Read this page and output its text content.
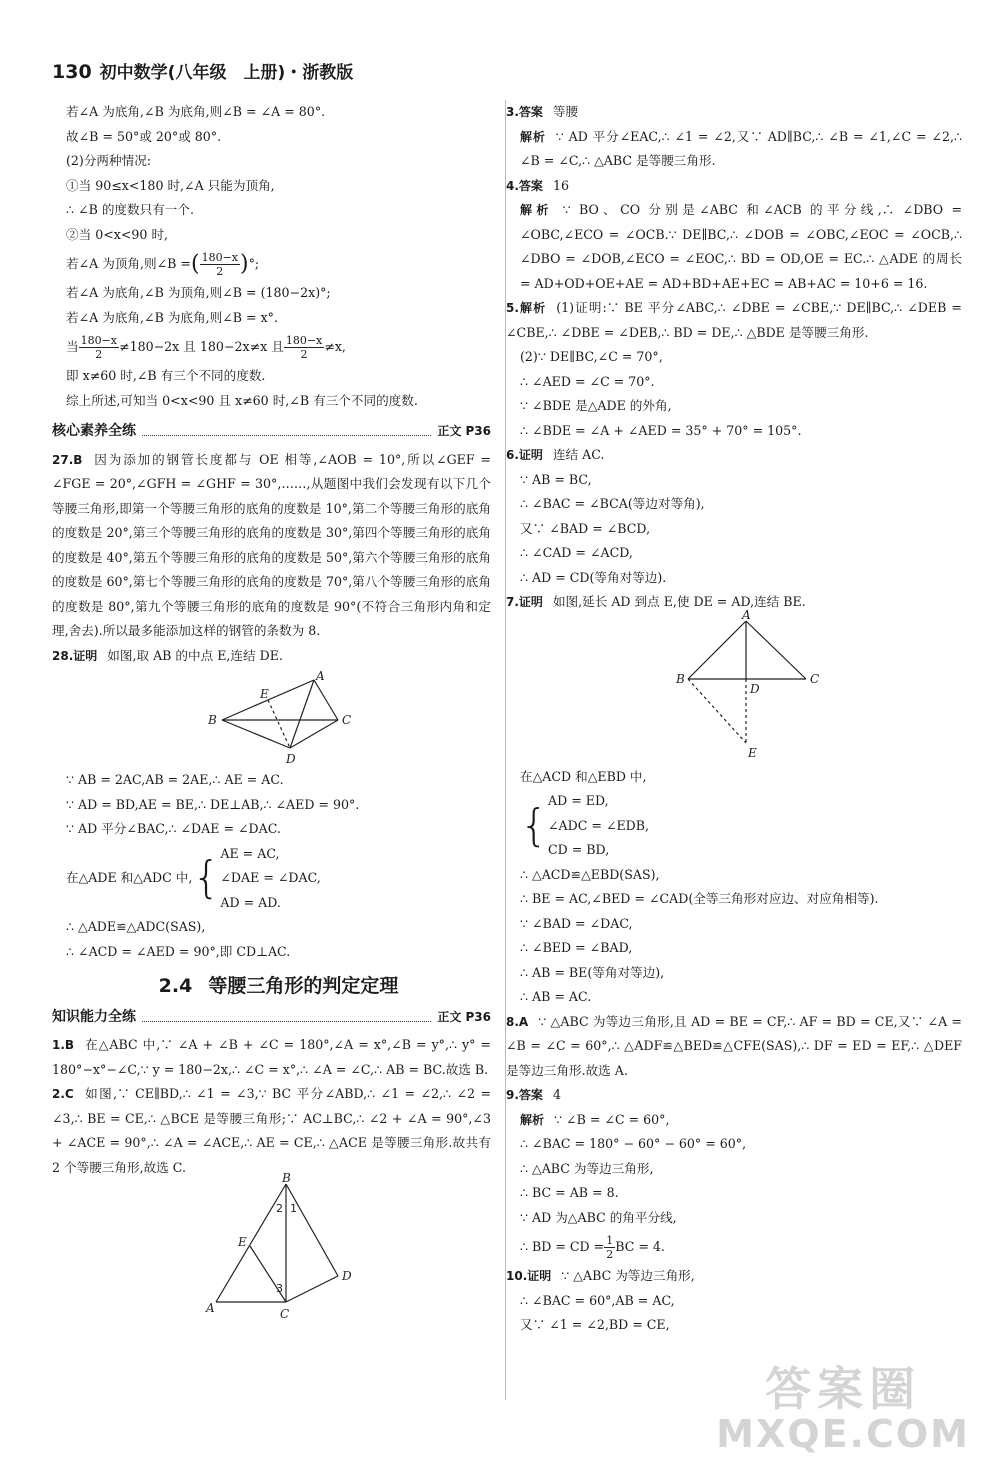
130 初中数学(八年级　上册)・浙教版
若∠A 为底角,∠B 为底角,则∠B = ∠A = 80°.
故∠B = 50°或 20°或 80°.
(2)分两种情况:
①当 90≤x<180 时,∠A 只能为顶角,
∴ ∠B 的度数只有一个.
②当 0<x<90 时,
若∠A 为顶角,则∠B =( $\frac{180-x}{2}$ )°;
若∠A 为底角,∠B 为顶角,则∠B = (180−2x)°;
若∠A 为底角,∠B 为底角,则∠B = x°.
当 $\frac{180-x}{2} \ne 180-2x$ 且 180−2x≠x 且 $\frac{180-x}{2} \ne x$,
即 x≠60 时,∠B 有三个不同的度数.
综上所述,可知当 0<x<90 且 x≠60 时,∠B 有三个不同的度数.
核心素养全练	正文 P36
27.B 因为添加的钢管长度都与 OE 相等,∠AOB = 10°,所以∠GEF = ∠FGE = 20°,∠GFH = ∠GHF = 30°,……,从题图中我们会发现有以下几个等腰三角形,即第一个等腰三角形的底角的度数是 10°,第二个等腰三角形的底角的度数是 20°,第三个等腰三角形的底角的度数是 30°,第四个等腰三角形的底角的度数是 40°,第五个等腰三角形的底角的度数是 50°,第六个等腰三角形的底角的度数是 60°,第七个等腰三角形的底角的度数是 70°,第八个等腰三角形的底角的度数是 80°,第九个等腰三角形的底角的度数是 90°(不符合三角形内角和定理,舍去).所以最多能添加这样的钢管的条数为 8.
28.证明 如图,取 AB 的中点 E,连结 DE.
A
B	C
D
E
∵ AB = 2AC,AB = 2AE,∴ AE = AC.
∵ AD = BD,AE = BE,∴ DE⊥AB,∴ ∠AED = 90°.
∵ AD 平分∠BAC,∴ ∠DAE = ∠DAC.
在△ADE 和△ADC 中, { AE = AC,
∠DAE = ∠DAC,
AD = AD.
∴ △ADE≌△ADC(SAS),
∴ ∠ACD = ∠AED = 90°,即 CD⊥AC.
2.4 等腰三角形的判定定理
知识能力全练	正文 P36
1.B 在△ABC 中,∵ ∠A + ∠B + ∠C = 180°,∠A = x°,∠B = y°,∴ y° = 180°−x°−∠C,∵ y = 180−2x,∴ ∠C = x°,∴ ∠A = ∠C,∴ AB = BC.故选 B.
2.C 如图,∵ CE∥BD,∴ ∠1 = ∠3,∵ BC 平分∠ABD,∴ ∠1 = ∠2,∴ ∠2 = ∠3,∴ BE = CE,∴ △BCE 是等腰三角形;∵ AC⊥BC,∴ ∠2 + ∠A = 90°,∠3 + ∠ACE = 90°,∴ ∠A = ∠ACE,∴ AE = CE,∴ △ACE 是等腰三角形.故共有 2 个等腰三角形,故选 C.
A
B
C
D
E
1
2
3
3.答案 等腰
解析 ∵ AD 平分∠EAC,∴ ∠1 = ∠2,又∵ AD∥BC,∴ ∠B = ∠1,∠C = ∠2,∴ ∠B = ∠C,∴ △ABC 是等腰三角形.
4.答案 16
解析 ∵ BO、CO 分别是∠ABC 和∠ACB 的平分线,∴ ∠DBO = ∠OBC,∠ECO = ∠OCB.∵ DE∥BC,∴ ∠DOB = ∠OBC,∠EOC = ∠OCB,∴ ∠DBO = ∠DOB,∠ECO = ∠EOC,∴ BD = OD,OE = EC.∴ △ADE 的周长 = AD+OD+OE+AE = AD+BD+AE+EC = AB+AC = 10+6 = 16.
5.解析 (1)证明:∵ BE 平分∠ABC,∴ ∠DBE = ∠CBE,∵ DE∥BC,∴ ∠DEB = ∠CBE,∴ ∠DBE = ∠DEB,∴ BD = DE,∴ △BDE 是等腰三角形.
(2)∵ DE∥BC,∠C = 70°,
∴ ∠AED = ∠C = 70°.
∵ ∠BDE 是△ADE 的外角,
∴ ∠BDE = ∠A + ∠AED = 35° + 70° = 105°.
6.证明 连结 AC.
∵ AB = BC,
∴ ∠BAC = ∠BCA(等边对等角),
又∵ ∠BAD = ∠BCD,
∴ ∠CAD = ∠ACD,
∴ AD = CD(等角对等边).
7.证明 如图,延长 AD 到点 E,使 DE = AD,连结 BE.
A
B	C
D
E
在△ACD 和△EBD 中,
{ AD = ED,
∠ADC = ∠EDB,
CD = BD,
∴ △ACD≌△EBD(SAS),
∴ BE = AC,∠BED = ∠CAD(全等三角形对应边、对应角相等).
∵ ∠BAD = ∠DAC,
∴ ∠BED = ∠BAD,
∴ AB = BE(等角对等边),
∴ AB = AC.
8.A ∵ △ABC 为等边三角形,且 AD = BE = CF,∴ AF = BD = CE,又∵ ∠A = ∠B = ∠C = 60°,∴ △ADF≌△BED≌△CFE(SAS),∴ DF = ED = EF,∴ △DEF 是等边三角形.故选 A.
9.答案 4
解析 ∵ ∠B = ∠C = 60°,
∴ ∠BAC = 180° − 60° − 60° = 60°,
∴ △ABC 为等边三角形,
∴ BC = AB = 8.
∵ AD 为△ABC 的角平分线,
∴ BD = CD = $\frac{1}{2}$ BC = 4.
10.证明 ∵ △ABC 为等边三角形,
∴ ∠BAC = 60°,AB = AC,
又∵ ∠1 = ∠2,BD = CE,
答案圈
MXQE.COM
